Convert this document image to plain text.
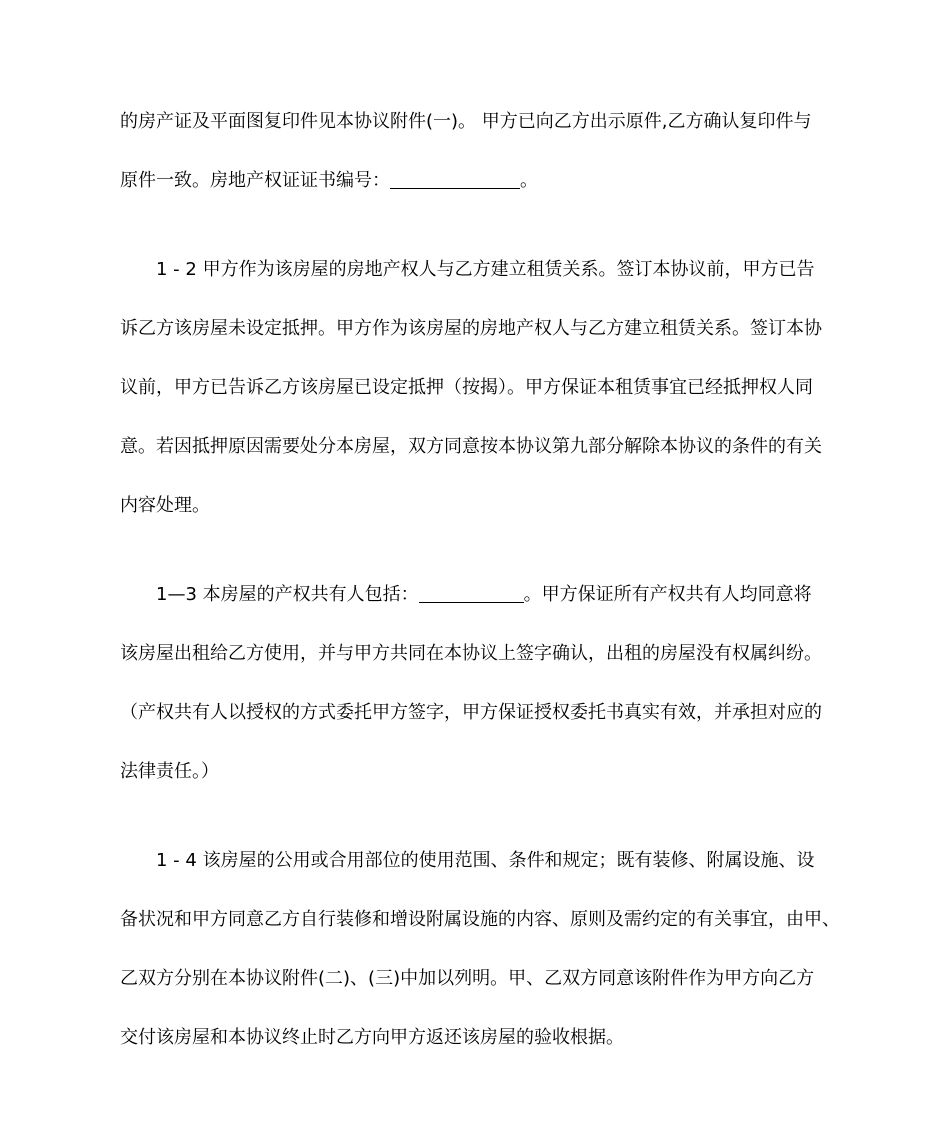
的房产证及平面图复印件见本协议附件(一)。 甲方已向乙方出示原件,乙方确认复印件与
原件一致。房地产权证证书编号：	。
1 - 2 甲方作为该房屋的房地产权人与乙方建立租赁关系。签订本协议前，甲方已告
诉乙方该房屋未设定抵押。甲方作为该房屋的房地产权人与乙方建立租赁关系。签订本协
议前，甲方已告诉乙方该房屋已设定抵押（按揭）。甲方保证本租赁事宜已经抵押权人同
意。若因抵押原因需要处分本房屋，双方同意按本协议第九部分解除本协议的条件的有关
内容处理。
1—3 本房屋的产权共有人包括：	。甲方保证所有产权共有人均同意将
该房屋出租给乙方使用，并与甲方共同在本协议上签字确认，出租的房屋没有权属纠纷。
（产权共有人以授权的方式委托甲方签字，甲方保证授权委托书真实有效，并承担对应的
法律责任。）
1 - 4 该房屋的公用或合用部位的使用范围、条件和规定；既有装修、附属设施、设
备状况和甲方同意乙方自行装修和增设附属设施的内容、原则及需约定的有关事宜，由甲、
乙双方分别在本协议附件(二)、(三)中加以列明。甲、乙双方同意该附件作为甲方向乙方
交付该房屋和本协议终止时乙方向甲方返还该房屋的验收根据。
